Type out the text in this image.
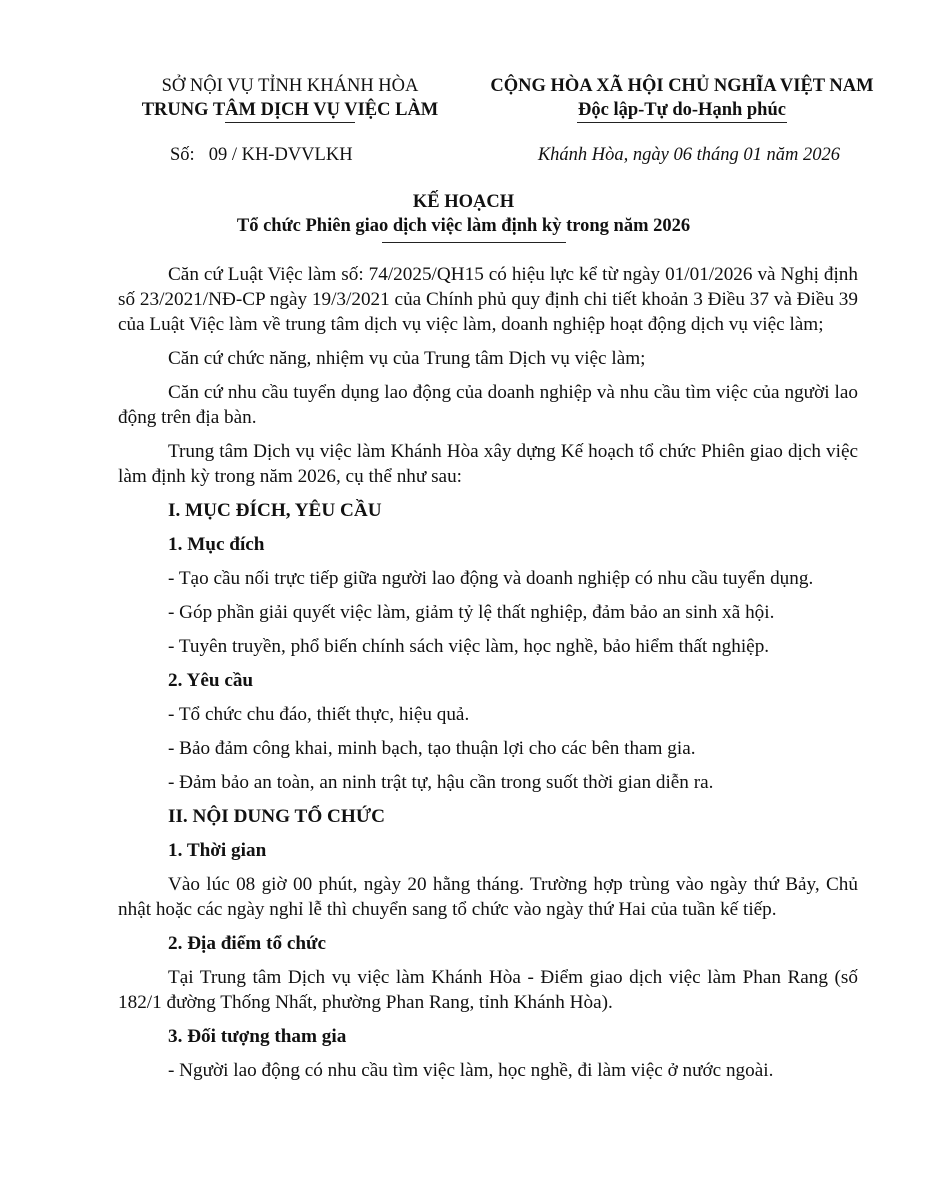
SỞ NỘI VỤ TỈNH KHÁNH HÒA
TRUNG TÂM DỊCH VỤ VIỆC LÀM
CỘNG HÒA XÃ HỘI CHỦ NGHĨA VIỆT NAM
Độc lập-Tự do-Hạnh phúc
Số: 09 / KH-DVVLKH	Khánh Hòa, ngày 06 tháng 01 năm 2026
KẾ HOẠCH
Tổ chức Phiên giao dịch việc làm định kỳ trong năm 2026

Căn cứ Luật Việc làm số: 74/2025/QH15 có hiệu lực kể từ ngày 01/01/2026 và Nghị định số 23/2021/NĐ-CP ngày 19/3/2021 của Chính phủ quy định chi tiết khoản 3 Điều 37 và Điều 39 của Luật Việc làm về trung tâm dịch vụ việc làm, doanh nghiệp hoạt động dịch vụ việc làm;

Căn cứ chức năng, nhiệm vụ của Trung tâm Dịch vụ việc làm;

Căn cứ nhu cầu tuyển dụng lao động của doanh nghiệp và nhu cầu tìm việc của người lao động trên địa bàn.

Trung tâm Dịch vụ việc làm Khánh Hòa xây dựng Kế hoạch tổ chức Phiên giao dịch việc làm định kỳ trong năm 2026, cụ thể như sau:

I. MỤC ĐÍCH, YÊU CẦU
1. Mục đích

- Tạo cầu nối trực tiếp giữa người lao động và doanh nghiệp có nhu cầu tuyển dụng.

- Góp phần giải quyết việc làm, giảm tỷ lệ thất nghiệp, đảm bảo an sinh xã hội.

- Tuyên truyền, phổ biến chính sách việc làm, học nghề, bảo hiểm thất nghiệp.

2. Yêu cầu

- Tổ chức chu đáo, thiết thực, hiệu quả.

- Bảo đảm công khai, minh bạch, tạo thuận lợi cho các bên tham gia.

- Đảm bảo an toàn, an ninh trật tự, hậu cần trong suốt thời gian diễn ra.

II. NỘI DUNG TỔ CHỨC
1. Thời gian

Vào lúc 08 giờ 00 phút, ngày 20 hằng tháng. Trường hợp trùng vào ngày thứ Bảy, Chủ nhật hoặc các ngày nghỉ lễ thì chuyển sang tổ chức vào ngày thứ Hai của tuần kế tiếp.

2. Địa điểm tổ chức

Tại Trung tâm Dịch vụ việc làm Khánh Hòa - Điểm giao dịch việc làm Phan Rang (số 182/1 đường Thống Nhất, phường Phan Rang, tỉnh Khánh Hòa).

3. Đối tượng tham gia

- Người lao động có nhu cầu tìm việc làm, học nghề, đi làm việc ở nước ngoài.
